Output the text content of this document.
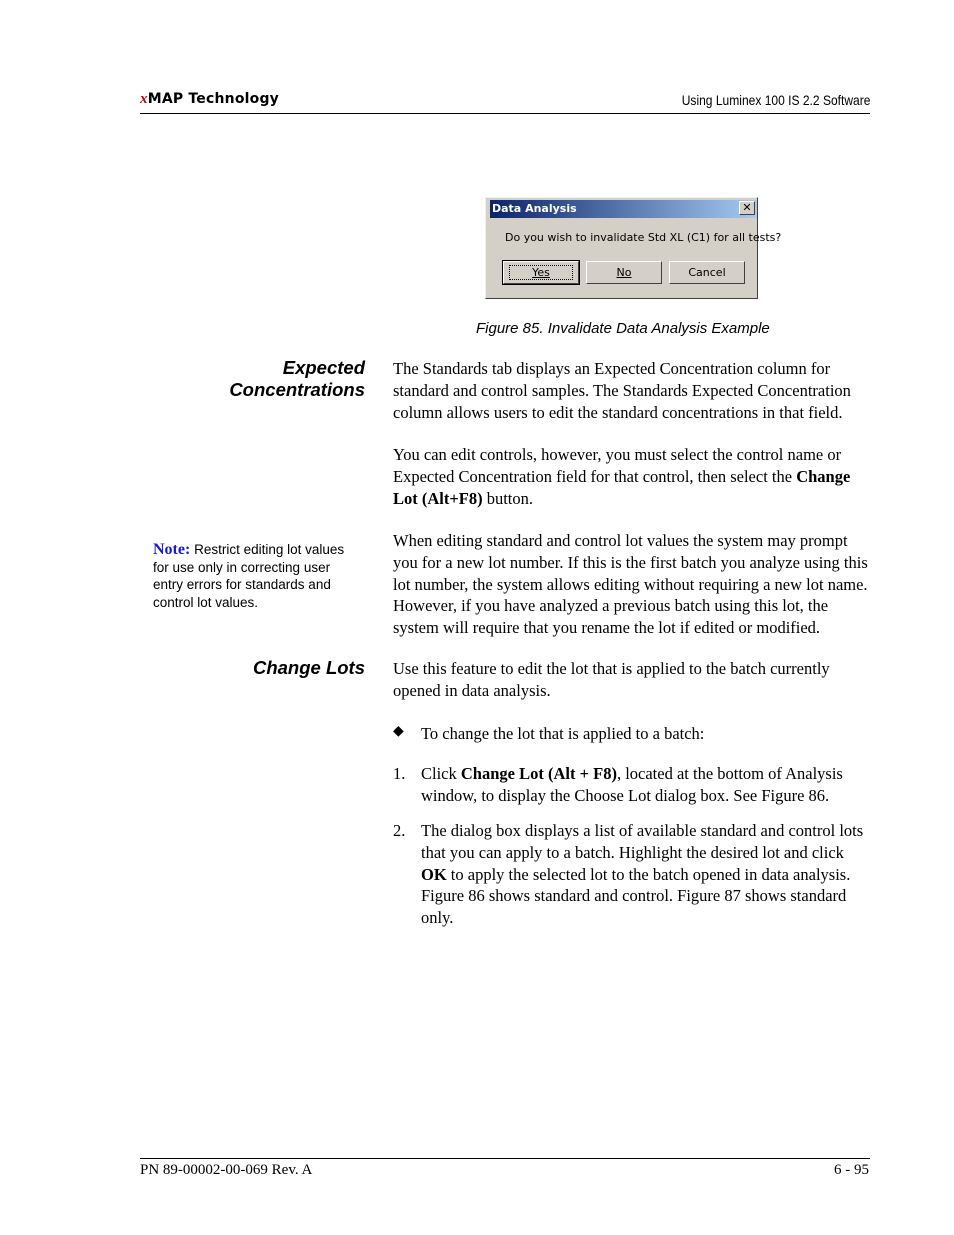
xMAP Technology	Using Luminex 100 IS 2.2 Software
Data Analysis	✕
Do you wish to invalidate Std XL (C1) for all tests?
Yes	No	Cancel
Figure 85. Invalidate Data Analysis Example
Expected
Concentrations
The Standards tab displays an Expected Concentration column for standard and control samples. The Standards Expected Concentration column allows users to edit the standard concentrations in that field.
You can edit controls, however, you must select the control name or Expected Concentration field for that control, then select the Change Lot (Alt+F8) button.
When editing standard and control lot values the system may prompt you for a new lot number. If this is the first batch you analyze using this lot number, the system allows editing without requiring a new lot name. However, if you have analyzed a previous batch using this lot, the system will require that you rename the lot if edited or modified.
Note: Restrict editing lot values for use only in correcting user entry errors for standards and control lot values.
Change Lots Use this feature to edit the lot that is applied to the batch currently opened in data analysis.
◆ To change the lot that is applied to a batch:
1. Click Change Lot (Alt + F8), located at the bottom of Analysis window, to display the Choose Lot dialog box. See Figure 86.
2. The dialog box displays a list of available standard and control lots that you can apply to a batch. Highlight the desired lot and click OK to apply the selected lot to the batch opened in data analysis. Figure 86 shows standard and control. Figure 87 shows standard only.
PN 89-00002-00-069 Rev. A	6 - 95
